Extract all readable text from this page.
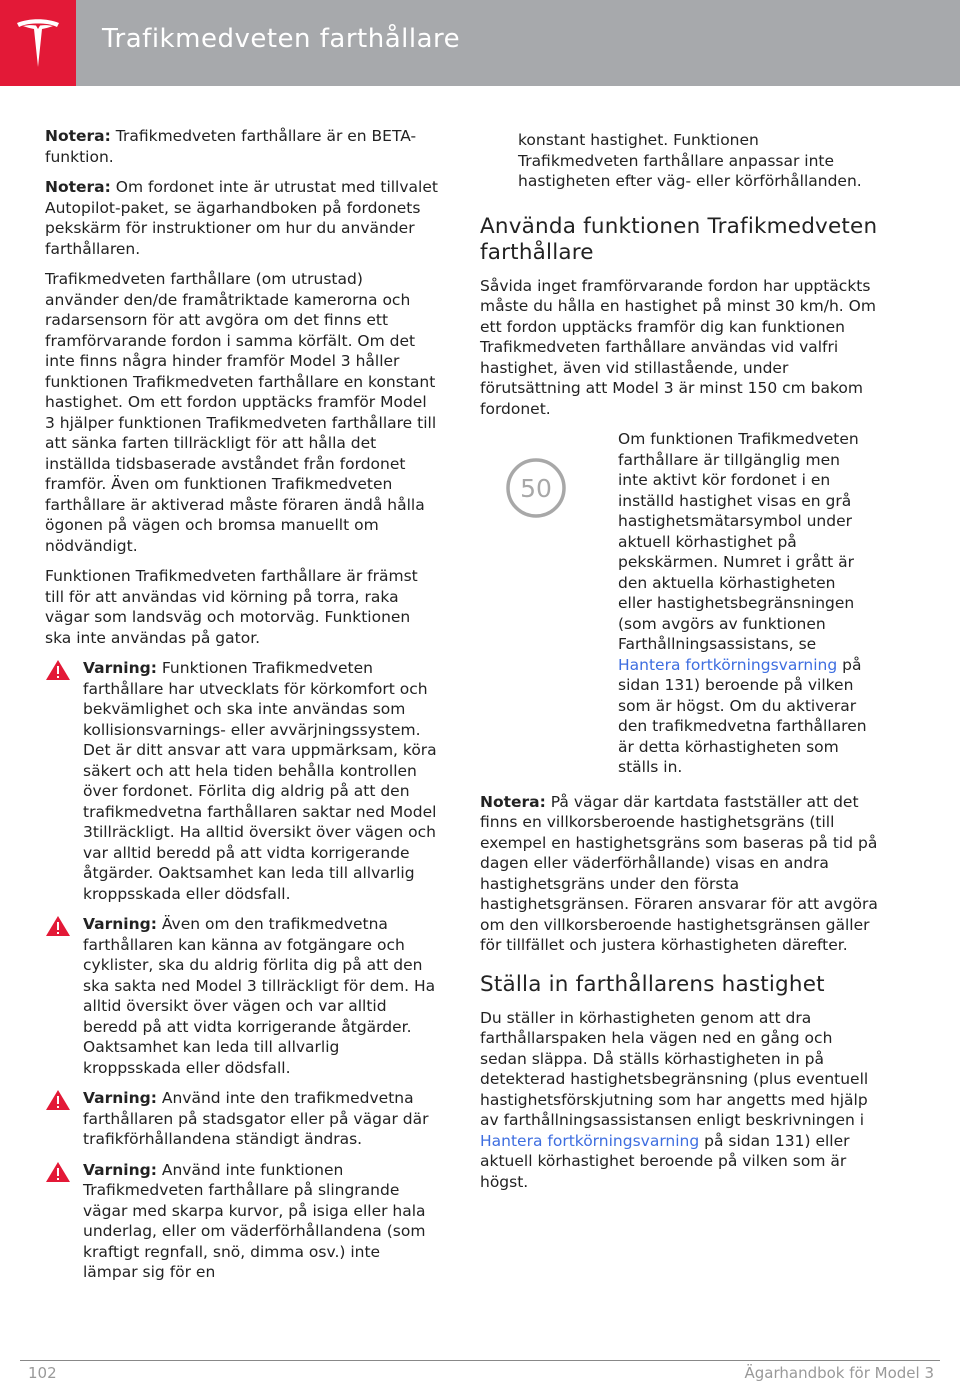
Trafikmedveten farthållare

Notera: Trafikmedveten farthållare är en BETA-funktion.

Notera: Om fordonet inte är utrustat med tillvalet Autopilot-paket, se ägarhandboken på fordonets pekskärm för instruktioner om hur du använder farthållaren.

Trafikmedveten farthållare (om utrustad) använder den/de framåtriktade kamerorna och radarsensorn för att avgöra om det finns ett framförvarande fordon i samma körfält. Om det inte finns några hinder framför Model 3 håller funktionen Trafikmedveten farthållare en konstant hastighet. Om ett fordon upptäcks framför Model 3 hjälper funktionen Trafikmedveten farthållare till att sänka farten tillräckligt för att hålla det inställda tidsbaserade avståndet från fordonet framför. Även om funktionen Trafikmedveten farthållare är aktiverad måste föraren ändå hålla ögonen på vägen och bromsa manuellt om nödvändigt.

Funktionen Trafikmedveten farthållare är främst till för att användas vid körning på torra, raka vägar som landsväg och motorväg. Funktionen ska inte användas på gator.

Varning: Funktionen Trafikmedveten farthållare har utvecklats för körkomfort och bekvämlighet och ska inte användas som kollisionsvarnings- eller avvärjningssystem. Det är ditt ansvar att vara uppmärksam, köra säkert och att hela tiden behålla kontrollen över fordonet. Förlita dig aldrig på att den trafikmedvetna farthållaren saktar ned Model 3tillräckligt. Ha alltid översikt över vägen och var alltid beredd på att vidta korrigerande åtgärder. Oaktsamhet kan leda till allvarlig kroppsskada eller dödsfall.
Varning: Även om den trafikmedvetna farthållaren kan känna av fotgängare och cyklister, ska du aldrig förlita dig på att den ska sakta ned Model 3 tillräckligt för dem. Ha alltid översikt över vägen och var alltid beredd på att vidta korrigerande åtgärder. Oaktsamhet kan leda till allvarlig kroppsskada eller dödsfall.
Varning: Använd inte den trafikmedvetna farthållaren på stadsgator eller på vägar där trafikförhållandena ständigt ändras.
Varning: Använd inte funktionen Trafikmedveten farthållare på slingrande vägar med skarpa kurvor, på isiga eller hala underlag, eller om väderförhållandena (som kraftigt regnfall, snö, dimma osv.) inte lämpar sig för en

konstant hastighet. Funktionen Trafikmedveten farthållare anpassar inte hastigheten efter väg- eller körförhållanden.

Använda funktionen Trafikmedveten farthållare

Såvida inget framförvarande fordon har upptäckts måste du hålla en hastighet på minst 30 km/h. Om ett fordon upptäcks framför dig kan funktionen Trafikmedveten farthållare användas vid valfri hastighet, även vid stillastående, under förutsättning att Model 3 är minst 150 cm bakom fordonet.

50
Om funktionen Trafikmedveten farthållare är tillgänglig men inte aktivt kör fordonet i en inställd hastighet visas en grå hastighetsmätarsymbol under aktuell körhastighet på pekskärmen. Numret i grått är den aktuella körhastigheten eller hastighetsbegränsningen (som avgörs av funktionen Farthållningsassistans, se Hantera fortkörningsvarning på sidan 131) beroende på vilken som är högst. Om du aktiverar den trafikmedvetna farthållaren är detta körhastigheten som ställs in.

Notera: På vägar där kartdata fastställer att det finns en villkorsberoende hastighetsgräns (till exempel en hastighetsgräns som baseras på tid på dagen eller väderförhållande) visas en andra hastighetsgräns under den första hastighetsgränsen. Föraren ansvarar för att avgöra om den villkorsberoende hastighetsgränsen gäller för tillfället och justera körhastigheten därefter.

Ställa in farthållarens hastighet

Du ställer in körhastigheten genom att dra farthållarspaken hela vägen ned en gång och sedan släppa. Då ställs körhastigheten in på detekterad hastighetsbegränsning (plus eventuell hastighetsförskjutning som har angetts med hjälp av farthållningsassistansen enligt beskrivningen i Hantera fortkörningsvarning på sidan 131) eller aktuell körhastighet beroende på vilken som är högst.

102	Ägarhandbok för Model 3
